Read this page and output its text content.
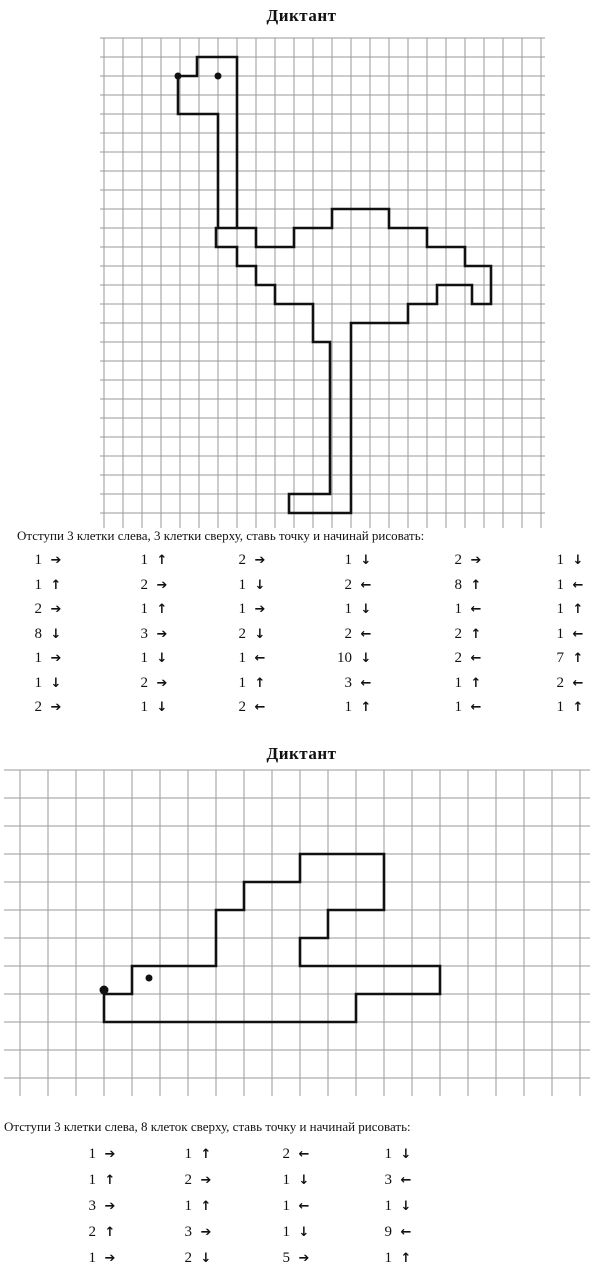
Диктант
Отступи 3 клетки слева, 3 клетки сверху, ставь точку и начинай рисовать:
1 ➔
1 ↑
2 ➔
8 ↓
1 ➔
1 ↓
2 ➔
1 ↑
2 ➔
1 ↑
3 ➔
1 ↓
2 ➔
1 ↓
2 ➔
1 ↓
1 ➔
2 ↓
1 ←
1 ↑
2 ←
1 ↓
2 ←
1 ↓
2 ←
10 ↓
3 ←
1 ↑
2 ➔
8 ↑
1 ←
2 ↑
2 ←
1 ↑
1 ←
1 ↓
1 ←
1 ↑
1 ←
7 ↑
2 ←
1 ↑
Диктант
Отступи 3 клетки слева, 8 клеток сверху, ставь точку и начинай рисовать:
1 ➔
1 ↑
3 ➔
2 ↑
1 ➔
1 ↑
2 ➔
1 ↑
3 ➔
2 ↓
2 ←
1 ↓
1 ←
1 ↓
5 ➔
1 ↓
3 ←
1 ↓
9 ←
1 ↑
